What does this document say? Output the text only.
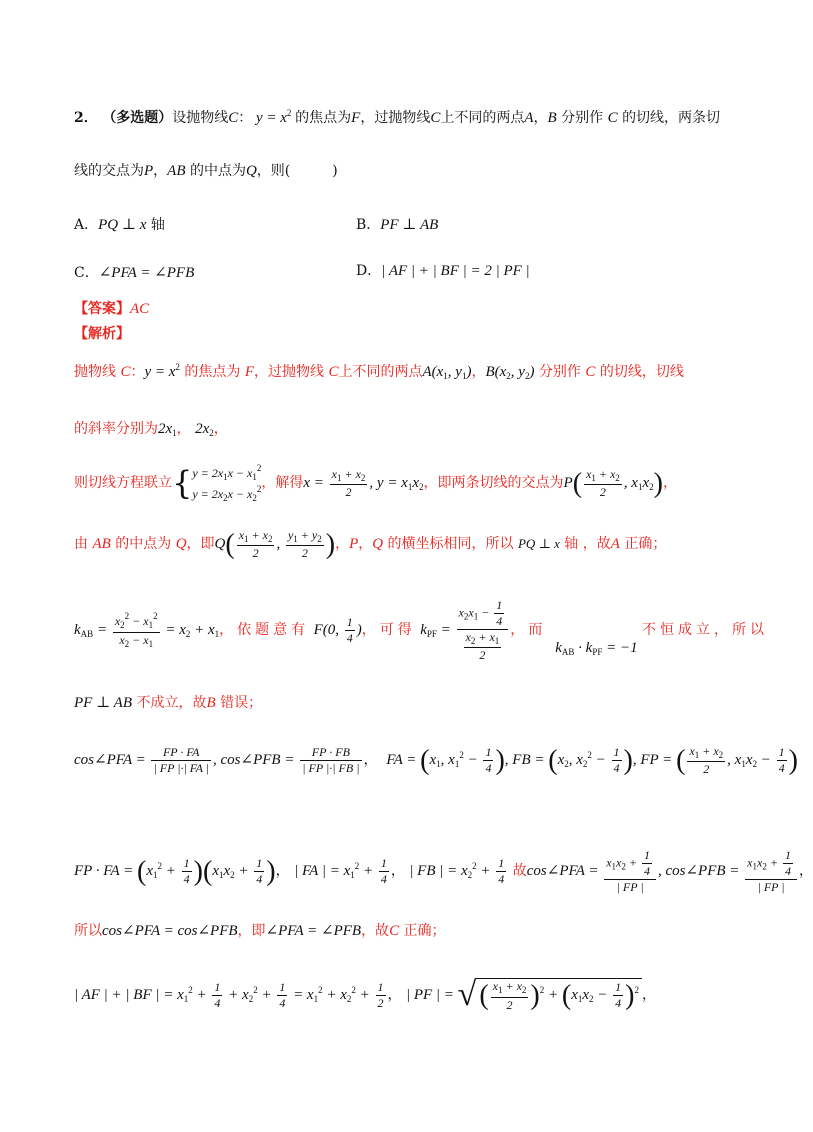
2． （多选题）设抛物线C： $y = x^2$ 的焦点为F，过抛物线C上不同的两点A，B 分别作 C 的切线，两条切
线的交点为P，AB 的中点为Q，则(　　　)
A．PQ ⊥ x 轴	B．PF ⊥ AB
C．∠PFA = ∠PFB	D．| AF | + | BF | = 2 | PF |
【答案】AC
【解析】
抛物线 C：$y = x^2$ 的焦点为 F，过抛物线 C上不同的两点$A(x_1$, $y_1$)，$B(x_2$, $y_2$) 分别作 C 的切线，切线
的斜率分别为$2x_1$， $2x_2$，
则切线方程联立{ $y = 2x_1x - x_1^2$
$y = 2x_2x - x_2^2$ ，解得$x = \frac{x_1 + x_2}{2}$ , $y = x_1x_2$，即两条切线的交点为$P( \frac{x_1 + x_2}{2}$ , $x_1x_2$)，
由 AB 的中点为 Q，即$Q( \frac{x_1 + x_2}{2}$ , $\frac{y_1 + y_2}{2}$ )，P，Q 的横坐标相同，所以 PQ ⊥ x 轴 ，故A 正确；
$k_{AB} = \frac{x_2^2 - x_1^2}{x_2 - x_1} = x_2 + x_1$，依题意有 F(0, $\frac{1}{4}$ )，可得 $k_{PF} = \frac{x_2x_1 - \frac{1}{4}}{\frac{x_2 + x_1}{2}}$ ，而  $k_{AB} \cdot k_{PF} = -1$ 不恒成立，所以
PF ⊥ AB 不成立，故B 错误；
cos∠PFA = $\frac{FP \cdot FA}{| FP |\cdot| FA |}$ , cos∠PFB = $\frac{FP \cdot FB}{| FP |\cdot| FB |}$ ，  FA = ($x_1$, $x_1^2 - \frac{1}{4}$ ), FB = ($x_2$, $x_2^2 - \frac{1}{4}$ ), FP = ( $\frac{x_1 + x_2}{2}$ , $x_1x_2 - \frac{1}{4}$ )
FP · FA = $(x_1^2 + \frac{1}{4} )(x_1x_2 + \frac{1}{4}$ )， | FA | = $x_1^2 + \frac{1}{4}$ ， | FB | = $x_2^2 + \frac{1}{4}$ 故cos∠PFA = $\frac{x_1x_2 + \frac{1}{4}}{| FP |}$ , cos∠PFB = $\frac{x_1x_2 + \frac{1}{4}}{| FP |}$ ，
所以cos∠PFA = cos∠PFB，即∠PFA = ∠PFB，故C 正确；
| AF | + | BF | = $x_1^2 + \frac{1}{4} + x_2^2 + \frac{1}{4} = x_1^2 + x_2^2 + \frac{1}{2}$ ， | PF | = √ ( $\frac{x_1 + x_2}{2} )^2 + (x_1x_2 - \frac{1}{4} )^2$ ，
